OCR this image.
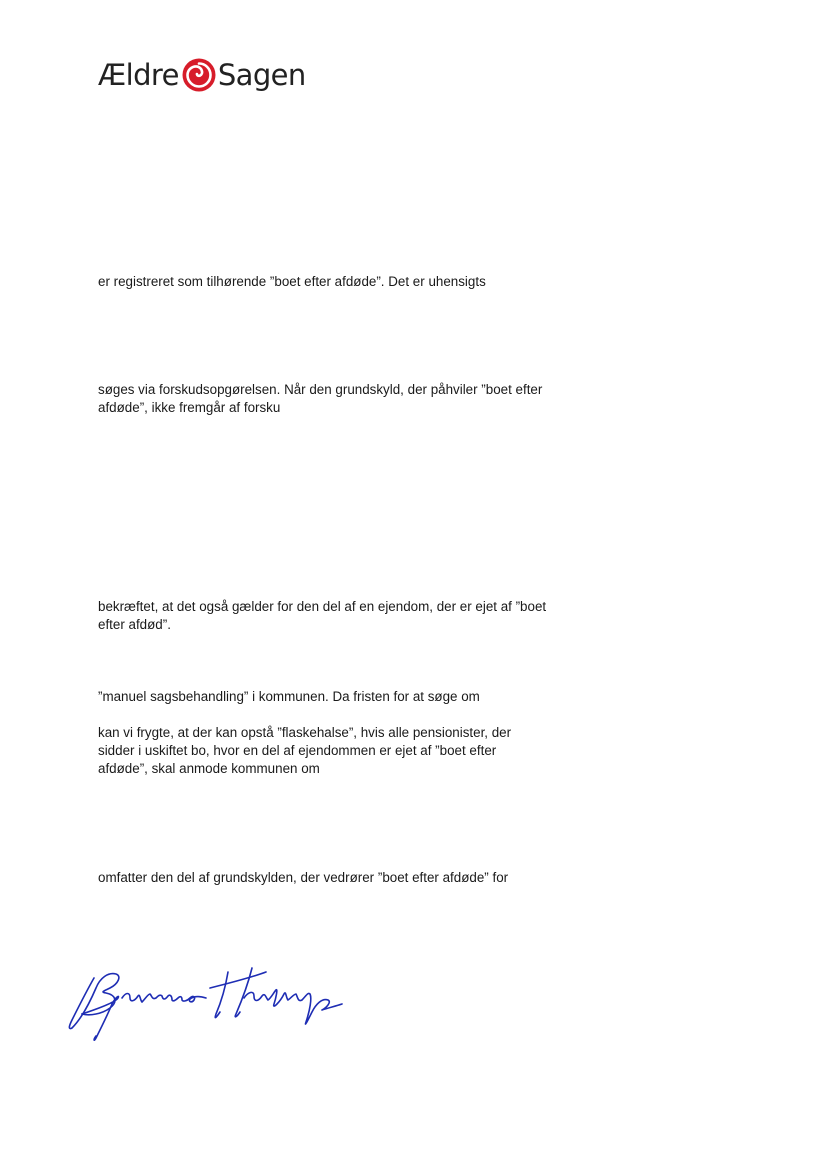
Ældre Sagen

er registreret som tilhørende ”boet efter afdøde”. Det er uhensigts

søges via forskudsopgørelsen. Når den grundskyld, der påhviler ”boet efter
afdøde”, ikke fremgår af forsku

bekræftet, at det også gælder for den del af en ejendom, der er ejet af ”boet
efter afdød”.

”manuel sagsbehandling” i kommunen. Da fristen for at søge om

kan vi frygte, at der kan opstå ”flaskehalse”, hvis alle pensionister, der
sidder i uskiftet bo, hvor en del af ejendommen er ejet af ”boet efter
afdøde”, skal anmode kommunen om

omfatter den del af grundskylden, der vedrører ”boet efter afdøde” for
